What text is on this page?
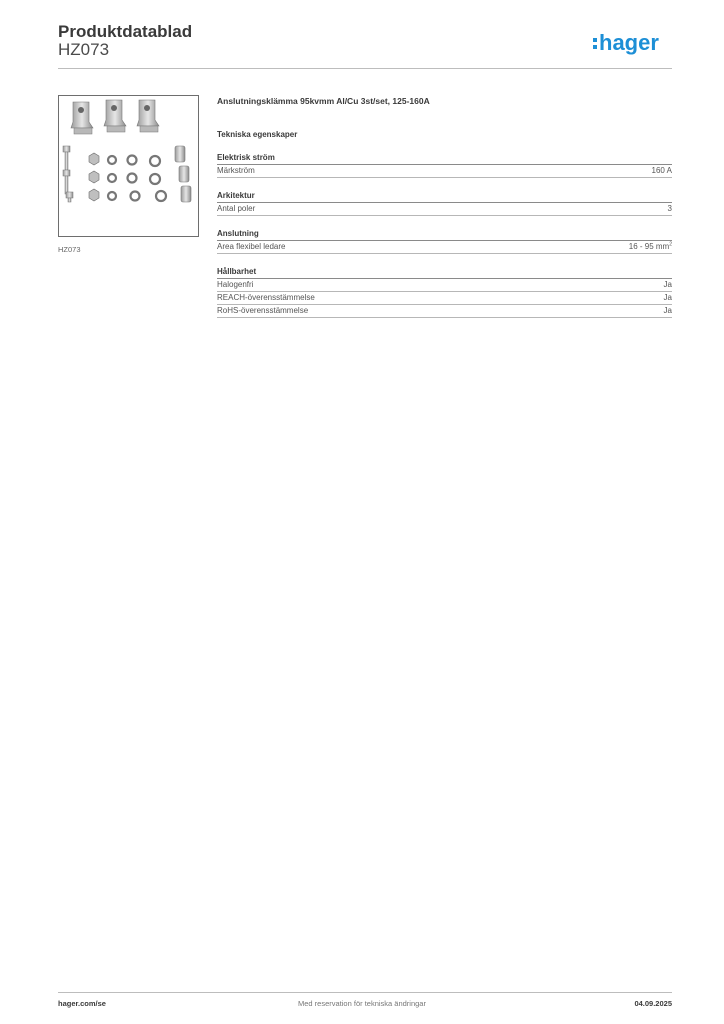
Produktdatablad
HZ073	hager
HZ073
Anslutningsklämma 95kvmm Al/Cu 3st/set, 125-160A
Tekniska egenskaper
Elektrisk ström
Märkström	160 A
Arkitektur
Antal poler	3
Anslutning
Area flexibel ledare	16 - 95 $mm^2$
Hållbarhet
Halogenfri	Ja
REACH-överensstämmelse	Ja
RoHS-överensstämmelse	Ja
hager.com/se	Med reservation för tekniska ändringar	04.09.2025
